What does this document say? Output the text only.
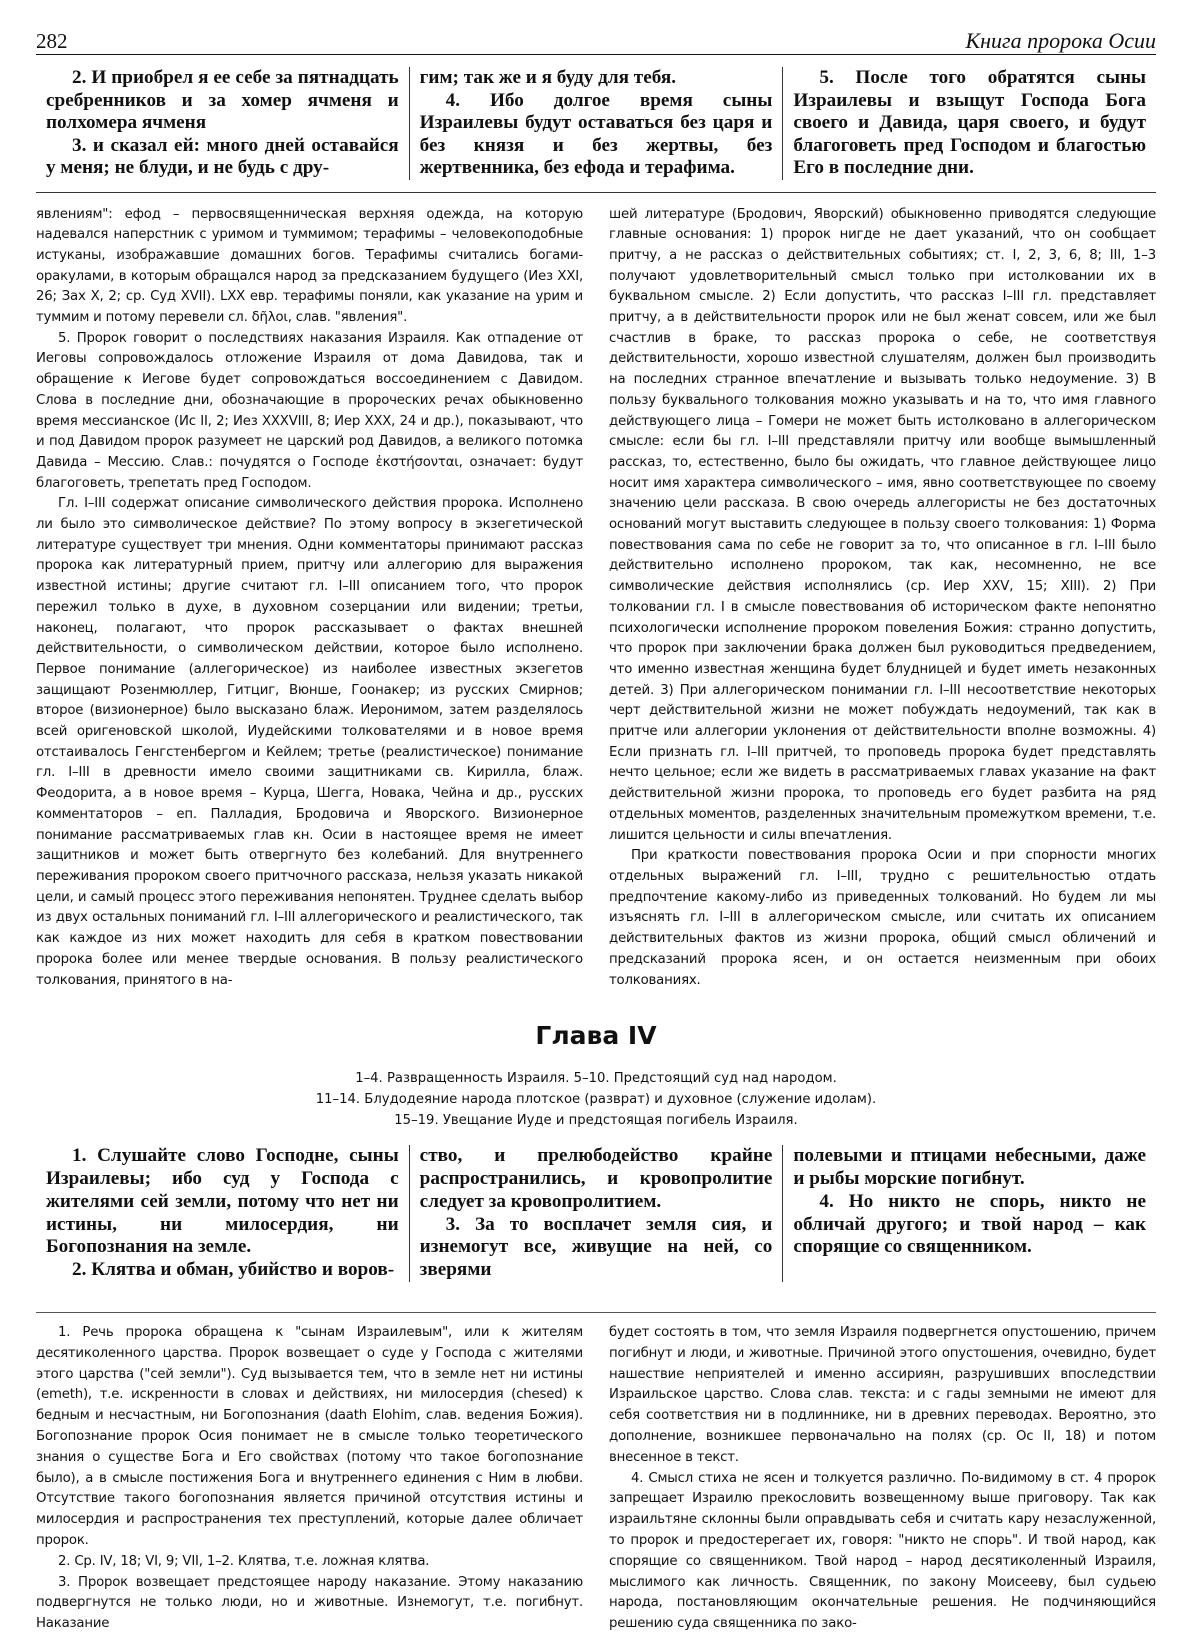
282	Книга пророка Осии

2. И приобрел я ее себе за пятнадцать сребренников и за хомер ячменя и полхомера ячменя

3. и сказал ей: много дней оставайся у меня; не блуди, и не будь с дру-

гим; так же и я буду для тебя.

4. Ибо долгое время сыны Израилевы будут оставаться без царя и без князя и без жертвы, без жертвенника, без ефода и терафима.

5. После того обратятся сыны Израилевы и взыщут Господа Бога своего и Давида, царя своего, и будут благоговеть пред Господом и благостью Его в последние дни.

явлениям": ефод – первосвященническая верхняя одежда, на которую надевался наперстник с уримом и туммимом; терафимы – человекоподобные истуканы, изображавшие домашних богов. Терафимы считались богами-оракулами, в которым обращался народ за предсказанием будущего (Иез XXI, 26; Зах X, 2; ср. Суд XVII). LXX евр. терафимы поняли, как указание на урим и туммим и потому перевели сл. δῆλοι, слав. "явления".

5. Пророк говорит о последствиях наказания Израиля. Как отпадение от Иеговы сопровождалось отложение Израиля от дома Давидова, так и обращение к Иегове будет сопровождаться воссоединением с Давидом. Слова в последние дни, обозначающие в пророческих речах обыкновенно время мессианское (Ис II, 2; Иез XXXVIII, 8; Иер XXX, 24 и др.), показывают, что и под Давидом пророк разумеет не царский род Давидов, а великого потомка Давида – Мессию. Слав.: почудятся о Господе ἐκστήσονται, означает: будут благоговеть, трепетать пред Господом.

Гл. I–III содержат описание символического действия пророка. Исполнено ли было это символическое действие? По этому вопросу в экзегетической литературе существует три мнения. Одни комментаторы принимают рассказ пророка как литературный прием, притчу или аллегорию для выражения известной истины; другие считают гл. I–III описанием того, что пророк пережил только в духе, в духовном созерцании или видении; третьи, наконец, полагают, что пророк рассказывает о фактах внешней действительности, о символическом действии, которое было исполнено. Первое понимание (аллегорическое) из наиболее известных экзегетов защищают Розенмюллер, Гитциг, Вюнше, Гоонакер; из русских Смирнов; второе (визионерное) было высказано блаж. Иеронимом, затем разделялось всей оригеновской школой, Иудейскими толкователями и в новое время отстаивалось Генгстенбергом и Кейлем; третье (реалистическое) понимание гл. I–III в древности имело своими защитниками св. Кирилла, блаж. Феодорита, а в новое время – Курца, Шегга, Новака, Чейна и др., русских комментаторов – еп. Палладия, Бродовича и Яворского. Визионерное понимание рассматриваемых глав кн. Осии в настоящее время не имеет защитников и может быть отвергнуто без колебаний. Для внутреннего переживания пророком своего притчочного рассказа, нельзя указать никакой цели, и самый процесс этого переживания непонятен. Труднее сделать выбор из двух остальных пониманий гл. I–III аллегорического и реалистического, так как каждое из них может находить для себя в кратком повествовании пророка более или менее твердые основания. В пользу реалистического толкования, принятого в на-

шей литературе (Бродович, Яворский) обыкновенно приводятся следующие главные основания: 1) пророк нигде не дает указаний, что он сообщает притчу, а не рассказ о действительных событиях; ст. I, 2, 3, 6, 8; III, 1–3 получают удовлетворительный смысл только при истолковании их в буквальном смысле. 2) Если допустить, что рассказ I–III гл. представляет притчу, а в действительности пророк или не был женат совсем, или же был счастлив в браке, то рассказ пророка о себе, не соответствуя действительности, хорошо известной слушателям, должен был производить на последних странное впечатление и вызывать только недоумение. 3) В пользу буквального толкования можно указывать и на то, что имя главного действующего лица – Гомери не может быть истолковано в аллегорическом смысле: если бы гл. I–III представляли притчу или вообще вымышленный рассказ, то, естественно, было бы ожидать, что главное действующее лицо носит имя характера символического – имя, явно соответствующее по своему значению цели рассказа. В свою очередь аллегористы не без достаточных оснований могут выставить следующее в пользу своего толкования: 1) Форма повествования сама по себе не говорит за то, что описанное в гл. I–III было действительно исполнено пророком, так как, несомненно, не все символические действия исполнялись (ср. Иер XXV, 15; XIII). 2) При толковании гл. I в смысле повествования об историческом факте непонятно психологически исполнение пророком повеления Божия: странно допустить, что пророк при заключении брака должен был руководиться предведением, что именно известная женщина будет блудницей и будет иметь незаконных детей. 3) При аллегорическом понимании гл. I–III несоответствие некоторых черт действительной жизни не может побуждать недоумений, так как в притче или аллегории уклонения от действительности вполне возможны. 4) Если признать гл. I–III притчей, то проповедь пророка будет представлять нечто цельное; если же видеть в рассматриваемых главах указание на факт действительной жизни пророка, то проповедь его будет разбита на ряд отдельных моментов, разделенных значительным промежутком времени, т.е. лишится цельности и силы впечатления.

При краткости повествования пророка Осии и при спорности многих отдельных выражений гл. I–III, трудно с решительностью отдать предпочтение какому-либо из приведенных толкований. Но будем ли мы изъяснять гл. I–III в аллегорическом смысле, или считать их описанием действительных фактов из жизни пророка, общий смысл обличений и предсказаний пророка ясен, и он остается неизменным при обоих толкованиях.

Глава IV
1–4. Развращенность Израиля. 5–10. Предстоящий суд над народом.
11–14. Блудодеяние народа плотское (разврат) и духовное (служение идолам).
15–19. Увещание Иуде и предстоящая погибель Израиля.

1. Слушайте слово Господне, сыны Израилевы; ибо суд у Господа с жителями сей земли, потому что нет ни истины, ни милосердия, ни Богопознания на земле.

2. Клятва и обман, убийство и воров-

ство, и прелюбодейство крайне распространились, и кровопролитие следует за кровопролитием.

3. За то восплачет земля сия, и изнемогут все, живущие на ней, со зверями

полевыми и птицами небесными, даже и рыбы морские погибнут.

4. Но никто не спорь, никто не обличай другого; и твой народ – как спорящие со священником.

1. Речь пророка обращена к "сынам Израилевым", или к жителям десятиколенного царства. Пророк возвещает о суде у Господа с жителями этого царства ("сей земли"). Суд вызывается тем, что в земле нет ни истины (emeth), т.е. искренности в словах и действиях, ни милосердия (chesed) к бедным и несчастным, ни Богопознания (daath Elohim, слав. ведения Божия). Богопознание пророк Осия понимает не в смысле только теоретического знания о существе Бога и Его свойствах (потому что такое богопознание было), а в смысле постижения Бога и внутреннего единения с Ним в любви. Отсутствие такого богопознания является причиной отсутствия истины и милосердия и распространения тех преступлений, которые далее обличает пророк.

2. Ср. IV, 18; VI, 9; VII, 1–2. Клятва, т.е. ложная клятва.

3. Пророк возвещает предстоящее народу наказание. Этому наказанию подвергнутся не только люди, но и животные. Изнемогут, т.е. погибнут. Наказание

будет состоять в том, что земля Израиля подвергнется опустошению, причем погибнут и люди, и животные. Причиной этого опустошения, очевидно, будет нашествие неприятелей и именно ассириян, разрушивших впоследствии Израильское царство. Слова слав. текста: и с гады земными не имеют для себя соответствия ни в подлиннике, ни в древних переводах. Вероятно, это дополнение, возникшее первоначально на полях (ср. Ос II, 18) и потом внесенное в текст.

4. Смысл стиха не ясен и толкуется различно. По-видимому в ст. 4 пророк запрещает Израилю прекословить возвещенному выше приговору. Так как израильтяне склонны были оправдывать себя и считать кару незаслуженной, то пророк и предостерегает их, говоря: "никто не спорь". И твой народ, как спорящие со священником. Твой народ – народ десятиколенный Израиля, мыслимого как личность. Священник, по закону Моисееву, был судьею народа, постановляющим окончательные решения. Не подчиняющийся решению суда священника по зако-
